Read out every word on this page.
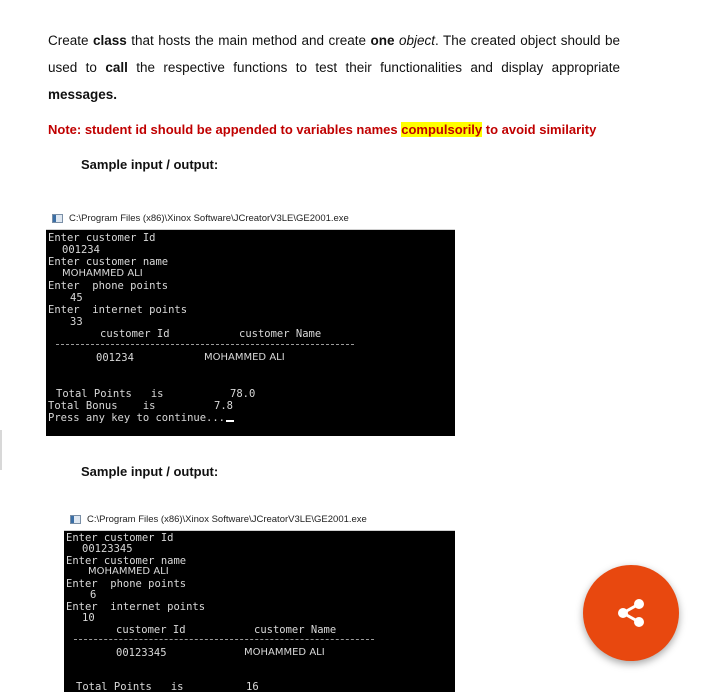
Create class that hosts the main method and create one object. The created object should be used to call the respective functions to test their functionalities and display appropriate messages.
Note: student id should be appended to variables names compulsorily to avoid similarity
Sample input / output:
C:\Program Files (x86)\Xinox Software\JCreatorV3LE\GE2001.exe
Enter customer Id
001234
Enter customer name
MOHAMMED ALI
Enter  phone points
45
Enter  internet points
33
customer Id	customer Name
001234	MOHAMMED ALI
Total Points   is	78.0
Total Bonus    is	7.8
Press any key to continue...
Sample input / output:
C:\Program Files (x86)\Xinox Software\JCreatorV3LE\GE2001.exe
Enter customer Id
00123345
Enter customer name
MOHAMMED ALI
Enter  phone points
6
Enter  internet points
10
customer Id	customer Name
00123345	MOHAMMED ALI
Total Points   is	16
